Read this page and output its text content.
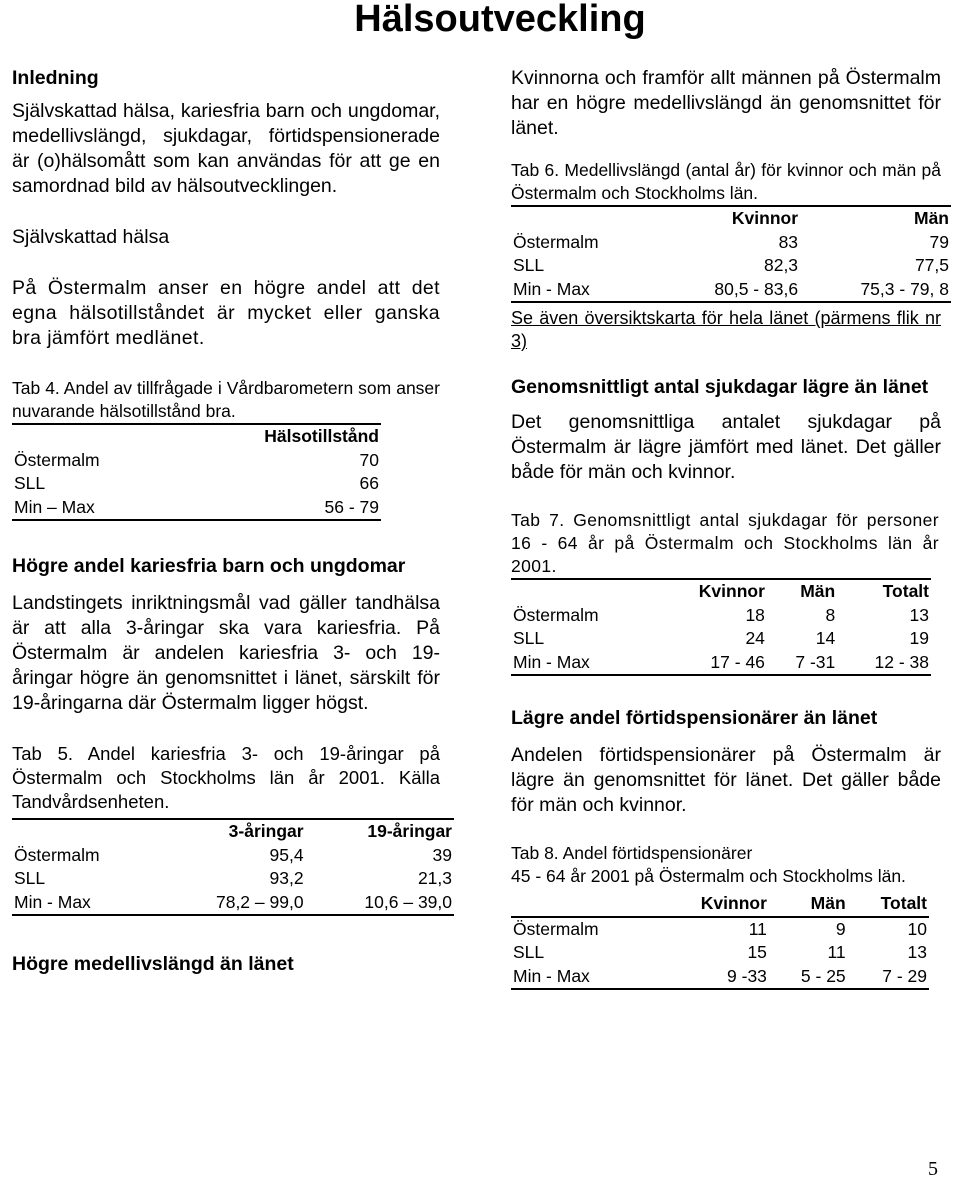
Hälsoutveckling
Inledning

Självskattad hälsa, kariesfria barn och ungdomar, medellivslängd, sjukdagar, förtidspensionerade är (o)hälsomått som kan användas för att ge en samordnad bild av hälsoutvecklingen.

Självskattad hälsa

På Östermalm anser en högre andel att det egna hälsotillståndet är mycket eller ganska bra jämfört medlänet.

Tab 4. Andel av tillfrågade i Vårdbarometern som anser nuvarande hälsotillstånd bra.

	Hälsotillstånd
Östermalm	70
SLL	66
Min – Max	56 - 79
Högre andel kariesfria barn och ungdomar

Landstingets inriktningsmål vad gäller tandhälsa är att alla 3-åringar ska vara kariesfria. På Östermalm är andelen kariesfria 3- och 19-åringar högre än genomsnittet i länet, särskilt för 19-åringarna där Östermalm ligger högst.

Tab 5. Andel kariesfria 3- och 19-åringar på Östermalm och Stockholms län år 2001. Källa Tandvårdsenheten.

	3-åringar	19-åringar
Östermalm	95,4	39
SLL	93,2	21,3
Min - Max	78,2 – 99,0	10,6 – 39,0
Högre medellivslängd än länet

Kvinnorna och framför allt männen på Östermalm har en högre medellivslängd än genomsnittet för länet.

Tab 6. Medellivslängd (antal år) för kvinnor och män på Östermalm och Stockholms län.

	Kvinnor	Män
Östermalm	83	79
SLL	82,3	77,5
Min - Max	80,5 - 83,6	75,3 - 79, 8

Se även översiktskarta för hela länet (pärmens flik nr 3)

Genomsnittligt antal sjukdagar lägre än länet

Det genomsnittliga antalet sjukdagar på Östermalm är lägre jämfört med länet. Det gäller både för män och kvinnor.

Tab 7. Genomsnittligt antal sjukdagar för personer 16 - 64 år på Östermalm och Stockholms län år 2001.

	Kvinnor	Män	Totalt
Östermalm	18	8	13
SLL	24	14	19
Min - Max	17 - 46	7 -31	12 - 38
Lägre andel förtidspensionärer än länet

Andelen förtidspensionärer på Östermalm är lägre än genomsnittet för länet. Det gäller både för män och kvinnor.

Tab 8. Andel förtidspensionärer

45 - 64 år 2001 på Östermalm och Stockholms län.

	Kvinnor	Män	Totalt
Östermalm	11	9	10
SLL	15	11	13
Min - Max	9 -33	5 - 25	7 - 29
5
